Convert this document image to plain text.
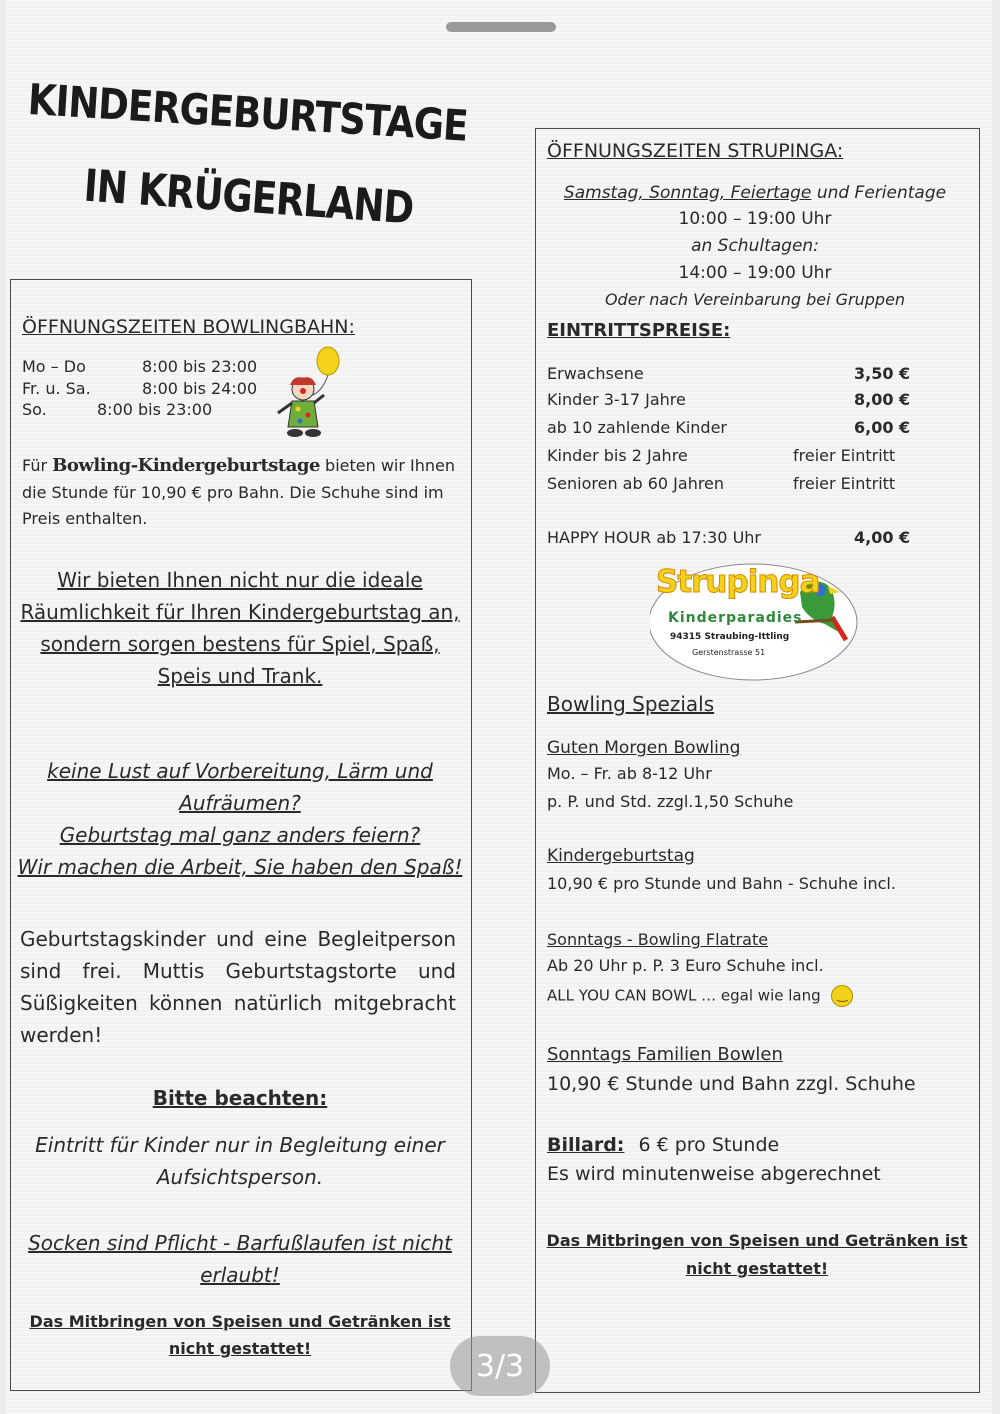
KINDERGEBURTSTAGE
IN KRÜGERLAND
ÖFFNUNGSZEITEN BOWLINGBAHN:
Mo – Do	8:00 bis 23:00
Fr. u. Sa.	8:00 bis 24:00
So.	8:00 bis 23:00
Für Bowling-Kindergeburtstage bieten wir Ihnen
die Stunde für 10,90 € pro Bahn. Die Schuhe sind im
Preis enthalten.
Wir bieten Ihnen nicht nur die ideale
Räumlichkeit für Ihren Kindergeburtstag an,
sondern sorgen bestens für Spiel, Spaß,
Speis und Trank.
keine Lust auf Vorbereitung, Lärm und
Aufräumen?
Geburtstag mal ganz anders feiern?
Wir machen die Arbeit, Sie haben den Spaß!
Geburtstagskinder und eine Begleitperson
sind frei. Muttis Geburtstagstorte und
Süßigkeiten können natürlich mitgebracht
werden!
Bitte beachten:
Eintritt für Kinder nur in Begleitung einer
Aufsichtsperson.
Socken sind Pflicht - Barfußlaufen ist nicht
erlaubt!
Das Mitbringen von Speisen und Getränken ist
nicht gestattet!
ÖFFNUNGSZEITEN STRUPINGA:
Samstag, Sonntag, Feiertage und Ferientage
10:00 – 19:00 Uhr
an Schultagen:
14:00 – 19:00 Uhr
Oder nach Vereinbarung bei Gruppen
EINTRITTSPREISE:
Erwachsene	3,50 €
Kinder 3-17 Jahre	8,00 €
ab 10 zahlende Kinder	6,00 €
Kinder bis 2 Jahre	freier Eintritt
Senioren ab 60 Jahren	freier Eintritt
HAPPY HOUR ab 17:30 Uhr	4,00 €
Strupinga
Kinderparadies
94315 Straubing-Ittling
Gerstenstrasse 51
Bowling Spezials
Guten Morgen Bowling
Mo. – Fr. ab 8-12 Uhr
p. P. und Std. zzgl.1,50 Schuhe
Kindergeburtstag
10,90 € pro Stunde und Bahn - Schuhe incl.
Sonntags - Bowling Flatrate
Ab 20 Uhr p. P. 3 Euro Schuhe incl.
ALL YOU CAN BOWL … egal wie lang ‿
Sonntags Familien Bowlen
10,90 € Stunde und Bahn zzgl. Schuhe
Billard: 6 € pro Stunde
Es wird minutenweise abgerechnet
Das Mitbringen von Speisen und Getränken ist
nicht gestattet!
3/3
